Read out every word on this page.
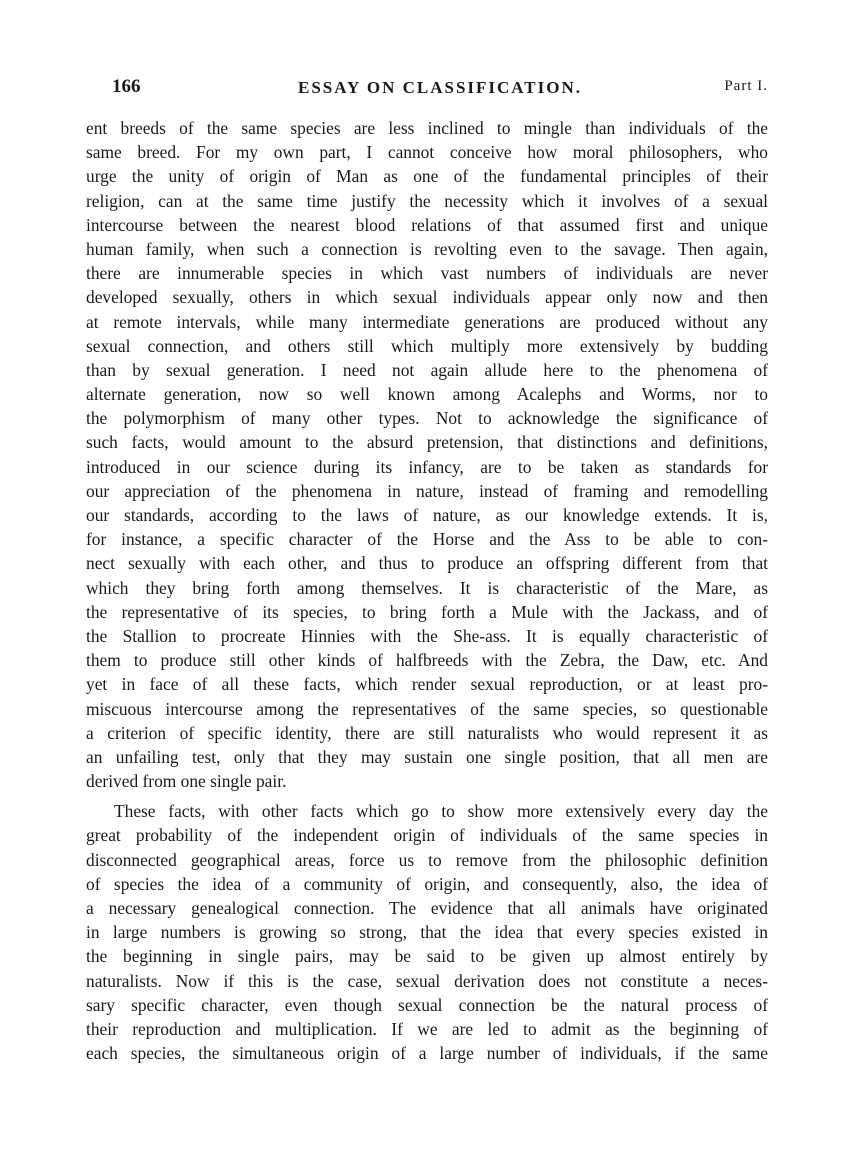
166	ESSAY ON CLASSIFICATION.	Part I.
ent breeds of the same species are less inclined to mingle than individuals of the
same breed. For my own part, I cannot conceive how moral philosophers, who
urge the unity of origin of Man as one of the fundamental principles of their
religion, can at the same time justify the necessity which it involves of a sexual
intercourse between the nearest blood relations of that assumed first and unique
human family, when such a connection is revolting even to the savage. Then again,
there are innumerable species in which vast numbers of individuals are never
developed sexually, others in which sexual individuals appear only now and then
at remote intervals, while many intermediate generations are produced without any
sexual connection, and others still which multiply more extensively by budding
than by sexual generation. I need not again allude here to the phenomena of
alternate generation, now so well known among Acalephs and Worms, nor to
the polymorphism of many other types. Not to acknowledge the significance of
such facts, would amount to the absurd pretension, that distinctions and definitions,
introduced in our science during its infancy, are to be taken as standards for
our appreciation of the phenomena in nature, instead of framing and remodelling
our standards, according to the laws of nature, as our knowledge extends. It is,
for instance, a specific character of the Horse and the Ass to be able to con-
nect sexually with each other, and thus to produce an offspring different from that
which they bring forth among themselves. It is characteristic of the Mare, as
the representative of its species, to bring forth a Mule with the Jackass, and of
the Stallion to procreate Hinnies with the She-ass. It is equally characteristic of
them to produce still other kinds of halfbreeds with the Zebra, the Daw, etc. And
yet in face of all these facts, which render sexual reproduction, or at least pro-
miscuous intercourse among the representatives of the same species, so questionable
a criterion of specific identity, there are still naturalists who would represent it as
an unfailing test, only that they may sustain one single position, that all men are
derived from one single pair.
These facts, with other facts which go to show more extensively every day the
great probability of the independent origin of individuals of the same species in
disconnected geographical areas, force us to remove from the philosophic definition
of species the idea of a community of origin, and consequently, also, the idea of
a necessary genealogical connection. The evidence that all animals have originated
in large numbers is growing so strong, that the idea that every species existed in
the beginning in single pairs, may be said to be given up almost entirely by
naturalists. Now if this is the case, sexual derivation does not constitute a neces-
sary specific character, even though sexual connection be the natural process of
their reproduction and multiplication. If we are led to admit as the beginning of
each species, the simultaneous origin of a large number of individuals, if the same
